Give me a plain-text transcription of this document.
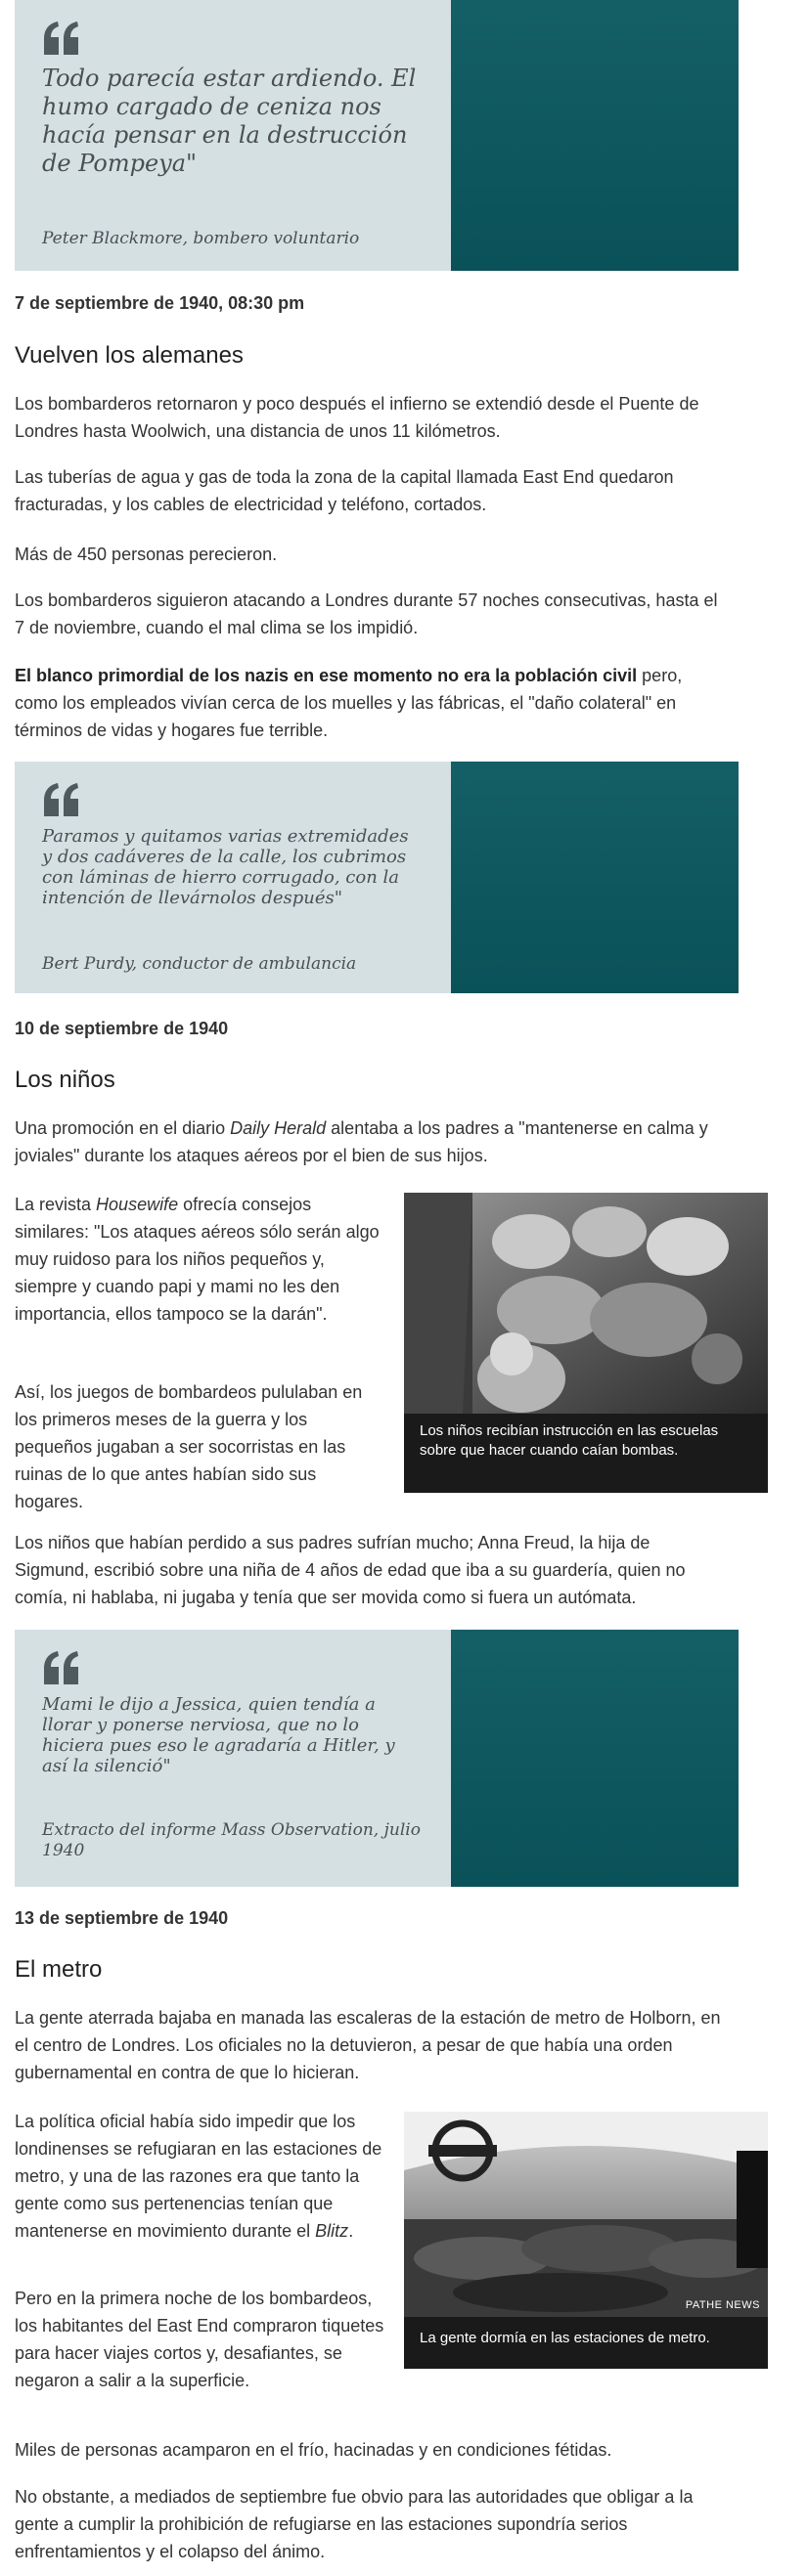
Todo parecía estar ardiendo. El humo cargado de ceniza nos hacía pensar en la destrucción de Pompeya"

Peter Blackmore, bombero voluntario
7 de septiembre de 1940, 08:30 pm
Vuelven los alemanes

Los bombarderos retornaron y poco después el infierno se extendió desde el Puente de Londres hasta Woolwich, una distancia de unos 11 kilómetros.

Las tuberías de agua y gas de toda la zona de la capital llamada East End quedaron fracturadas, y los cables de electricidad y teléfono, cortados.

Más de 450 personas perecieron.

Los bombarderos siguieron atacando a Londres durante 57 noches consecutivas, hasta el 7 de noviembre, cuando el mal clima se los impidió.

El blanco primordial de los nazis en ese momento no era la población civil pero, como los empleados vivían cerca de los muelles y las fábricas, el "daño colateral" en términos de vidas y hogares fue terrible.

Paramos y quitamos varias extremidades y dos cadáveres de la calle, los cubrimos con láminas de hierro corrugado, con la intención de llevárnolos después"

Bert Purdy, conductor de ambulancia
10 de septiembre de 1940
Los niños

Una promoción en el diario Daily Herald alentaba a los padres a "mantenerse en calma y joviales" durante los ataques aéreos por el bien de sus hijos.

La revista Housewife ofrecía consejos similares: "Los ataques aéreos sólo serán algo muy ruidoso para los niños pequeños y, siempre y cuando papi y mami no les den importancia, ellos tampoco se la darán".

Así, los juegos de bombardeos pululaban en los primeros meses de la guerra y los pequeños jugaban a ser socorristas en las ruinas de lo que antes habían sido sus hogares.

Los niños recibían instrucción en las escuelas sobre que hacer cuando caían bombas.

Los niños que habían perdido a sus padres sufrían mucho; Anna Freud, la hija de Sigmund, escribió sobre una niña de 4 años de edad que iba a su guardería, quien no comía, ni hablaba, ni jugaba y tenía que ser movida como si fuera un autómata.

Mami le dijo a Jessica, quien tendía a llorar y ponerse nerviosa, que no lo hiciera pues eso le agradaría a Hitler, y así la silenció"

Extracto del informe Mass Observation, julio 1940
13 de septiembre de 1940
El metro

La gente aterrada bajaba en manada las escaleras de la estación de metro de Holborn, en el centro de Londres. Los oficiales no la detuvieron, a pesar de que había una orden gubernamental en contra de que lo hicieran.

La política oficial había sido impedir que los londinenses se refugiaran en las estaciones de metro, y una de las razones era que tanto la gente como sus pertenencias tenían que mantenerse en movimiento durante el Blitz.

Pero en la primera noche de los bombardeos, los habitantes del East End compraron tiquetes para hacer viajes cortos y, desafiantes, se negaron a salir a la superficie.

PATHE NEWS
La gente dormía en las estaciones de metro.

Miles de personas acamparon en el frío, hacinadas y en condiciones fétidas.

No obstante, a mediados de septiembre fue obvio para las autoridades que obligar a la gente a cumplir la prohibición de refugiarse en las estaciones supondría serios enfrentamientos y el colapso del ánimo.
